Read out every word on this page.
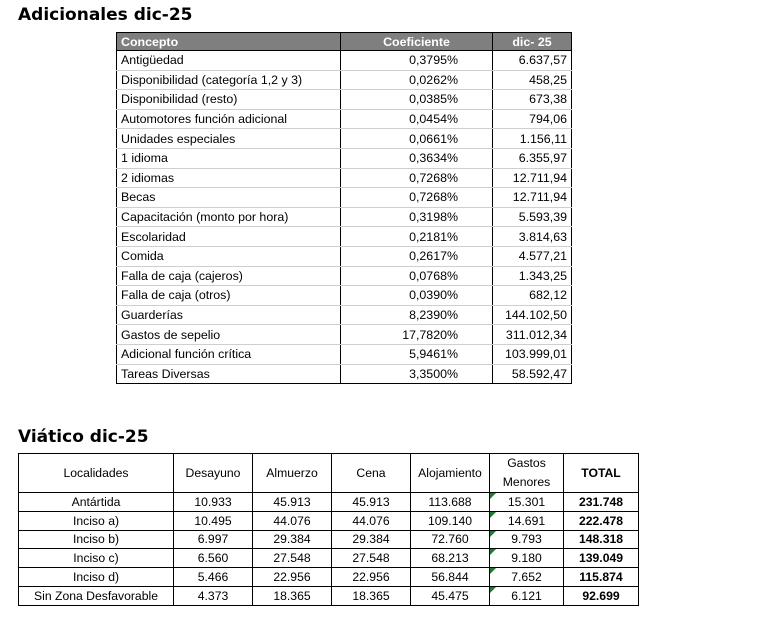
Adicionales dic-25
Concepto	Coeficiente	dic- 25
Antigüedad	0,3795%	6.637,57
Disponibilidad (categoría 1,2 y 3)	0,0262%	458,25
Disponibilidad (resto)	0,0385%	673,38
Automotores función adicional	0,0454%	794,06
Unidades especiales	0,0661%	1.156,11
1 idioma	0,3634%	6.355,97
2 idiomas	0,7268%	12.711,94
Becas	0,7268%	12.711,94
Capacitación (monto por hora)	0,3198%	5.593,39
Escolaridad	0,2181%	3.814,63
Comida	0,2617%	4.577,21
Falla de caja (cajeros)	0,0768%	1.343,25
Falla de caja (otros)	0,0390%	682,12
Guarderías	8,2390%	144.102,50
Gastos de sepelio	17,7820%	311.012,34
Adicional función crítica	5,9461%	103.999,01
Tareas Diversas	3,3500%	58.592,47
Viático dic-25
Localidades	Desayuno	Almuerzo	Cena	Alojamiento	Gastos Menores	TOTAL
Antártida	10.933	45.913	45.913	113.688	15.301	231.748
Inciso a)	10.495	44.076	44.076	109.140	14.691	222.478
Inciso b)	6.997	29.384	29.384	72.760	9.793	148.318
Inciso c)	6.560	27.548	27.548	68.213	9.180	139.049
Inciso d)	5.466	22.956	22.956	56.844	7.652	115.874
Sin Zona Desfavorable	4.373	18.365	18.365	45.475	6.121	92.699
